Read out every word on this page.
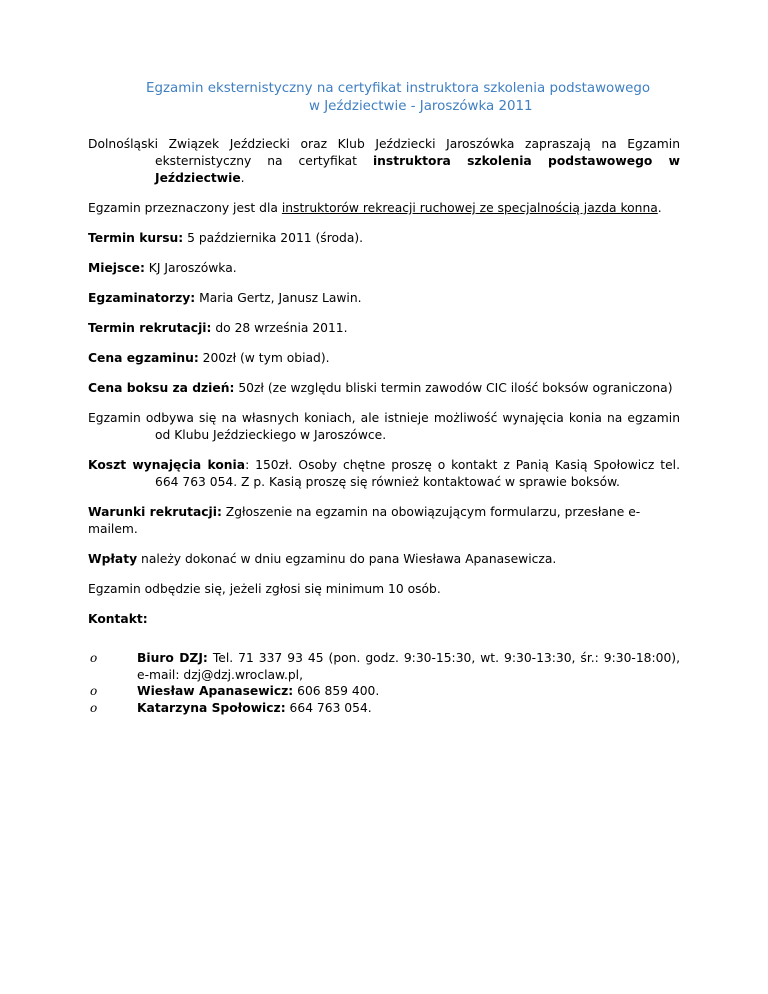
Egzamin eksternistyczny na certyfikat instruktora szkolenia podstawowego
w Jeździectwie - Jaroszówka 2011

Dolnośląski Związek Jeździecki oraz Klub Jeździecki Jaroszówka zapraszają na Egzamin eksternistyczny na certyfikat instruktora szkolenia podstawowego w Jeździectwie.

Egzamin przeznaczony jest dla instruktorów rekreacji ruchowej ze specjalnością jazda konna.

Termin kursu: 5 października 2011 (środa).

Miejsce: KJ Jaroszówka.

Egzaminatorzy: Maria Gertz, Janusz Lawin.

Termin rekrutacji: do 28 września 2011.

Cena egzaminu: 200zł (w tym obiad).

Cena boksu za dzień: 50zł (ze względu bliski termin zawodów CIC ilość boksów ograniczona)

Egzamin odbywa się na własnych koniach, ale istnieje możliwość wynajęcia konia na egzamin od Klubu Jeździeckiego w Jaroszówce.

Koszt wynajęcia konia: 150zł. Osoby chętne proszę o kontakt z Panią Kasią Społowicz tel. 664 763 054. Z p. Kasią proszę się również kontaktować w sprawie boksów.

Warunki rekrutacji: Zgłoszenie na egzamin na obowiązującym formularzu, przesłane e-mailem.

Wpłaty należy dokonać w dniu egzaminu do pana Wiesława Apanasewicza.

Egzamin odbędzie się, jeżeli zgłosi się minimum 10 osób.

Kontakt:

o	Biuro DZJ: Tel. 71 337 93 45 (pon. godz. 9:30-15:30, wt. 9:30-13:30, śr.: 9:30-18:00), e-mail: dzj@dzj.wroclaw.pl,
o	Wiesław Apanasewicz: 606 859 400.
o	Katarzyna Społowicz: 664 763 054.
